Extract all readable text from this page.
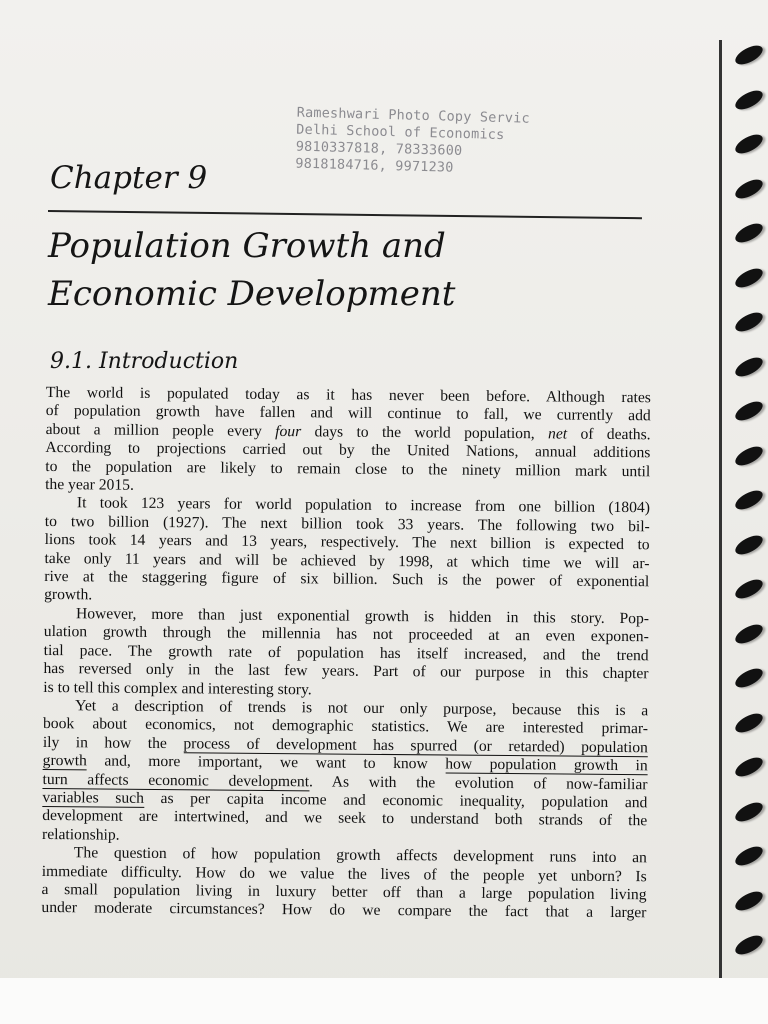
Rameshwari Photo Copy Servic
Delhi School of Economics
9810337818, 78333600
9818184716, 9971230
Chapter 9
Population Growth and
Economic Development
9.1. Introduction
The world is populated today as it has never been before. Although rates
of population growth have fallen and will continue to fall, we currently add
about a million people every four days to the world population, net of deaths.
According to projections carried out by the United Nations, annual additions
to the population are likely to remain close to the ninety million mark until
the year 2015.
It took 123 years for world population to increase from one billion (1804)
to two billion (1927). The next billion took 33 years. The following two bil-
lions took 14 years and 13 years, respectively. The next billion is expected to
take only 11 years and will be achieved by 1998, at which time we will ar-
rive at the staggering figure of six billion. Such is the power of exponential
growth.
However, more than just exponential growth is hidden in this story. Pop-
ulation growth through the millennia has not proceeded at an even exponen-
tial pace. The growth rate of population has itself increased, and the trend
has reversed only in the last few years. Part of our purpose in this chapter
is to tell this complex and interesting story.
Yet a description of trends is not our only purpose, because this is a
book about economics, not demographic statistics. We are interested primar-
ily in how the process of development has spurred (or retarded) population
growth and, more important, we want to know how population growth in
turn affects economic development. As with the evolution of now-familiar
variables such as per capita income and economic inequality, population and
development are intertwined, and we seek to understand both strands of the
relationship.
The question of how population growth affects development runs into an
immediate difficulty. How do we value the lives of the people yet unborn? Is
a small population living in luxury better off than a large population living
under moderate circumstances? How do we compare the fact that a larger
